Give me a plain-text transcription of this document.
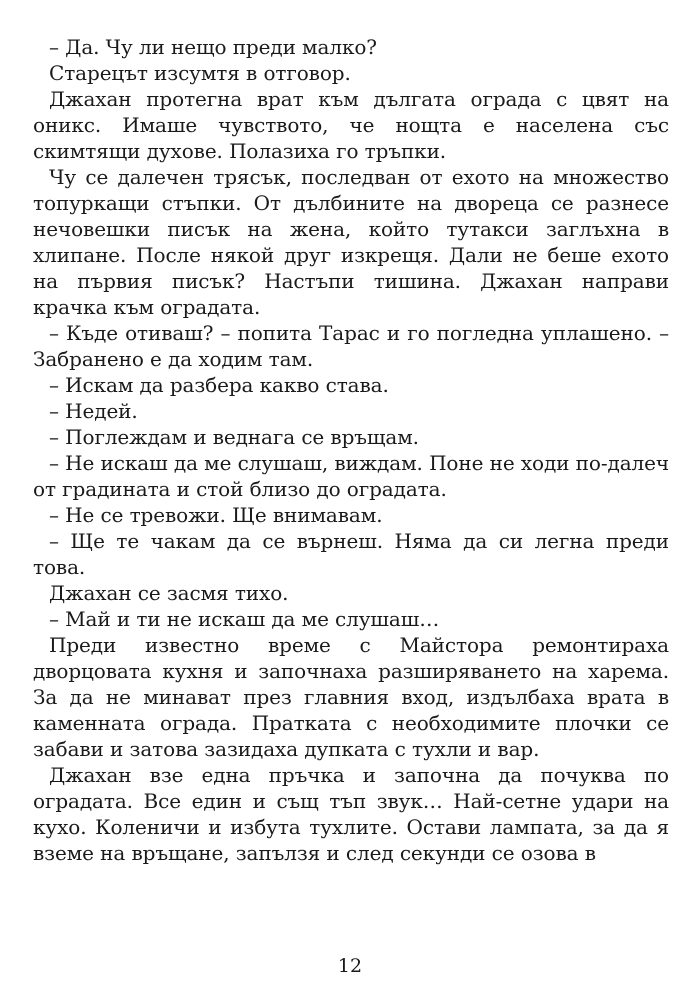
– Да. Чу ли нещо преди малко?

Старецът изсумтя в отговор.

Джахан протегна врат към дългата ограда с цвят на оникс. Имаше чувството, че нощта е населена със скимтящи духове. Полазиха го тръпки.

Чу се далечен трясък, последван от ехото на множество топуркащи стъпки. От дълбините на двореца се разнесе нечовешки писък на жена, който тутакси заглъхна в хлипане. После някой друг изкрещя. Дали не беше ехото на първия писък? Настъпи тишина. Джахан направи крачка към оградата.

– Къде отиваш? – попита Тарас и го погледна уплашено. – Забранено е да ходим там.

– Искам да разбера какво става.

– Недей.

– Поглеждам и веднага се връщам.

– Не искаш да ме слушаш, виждам. Поне не ходи по-далеч от градината и стой близо до оградата.

– Не се тревожи. Ще внимавам.

– Ще те чакам да се върнеш. Няма да си легна преди това.

Джахан се засмя тихо.

– Май и ти не искаш да ме слушаш…

Преди известно време с Майстора ремонтираха дворцовата кухня и започнаха разширяването на харема. За да не минават през главния вход, издълбаха врата в каменната ограда. Пратката с необходимите плочки се забави и затова зазидаха дупката с тухли и вар.

Джахан взе една пръчка и започна да почуква по оградата. Все един и същ тъп звук… Най-сетне удари на кухо. Коленичи и избута тухлите. Остави лампата, за да я вземе на връщане, запълзя и след секунди се озова в

12
